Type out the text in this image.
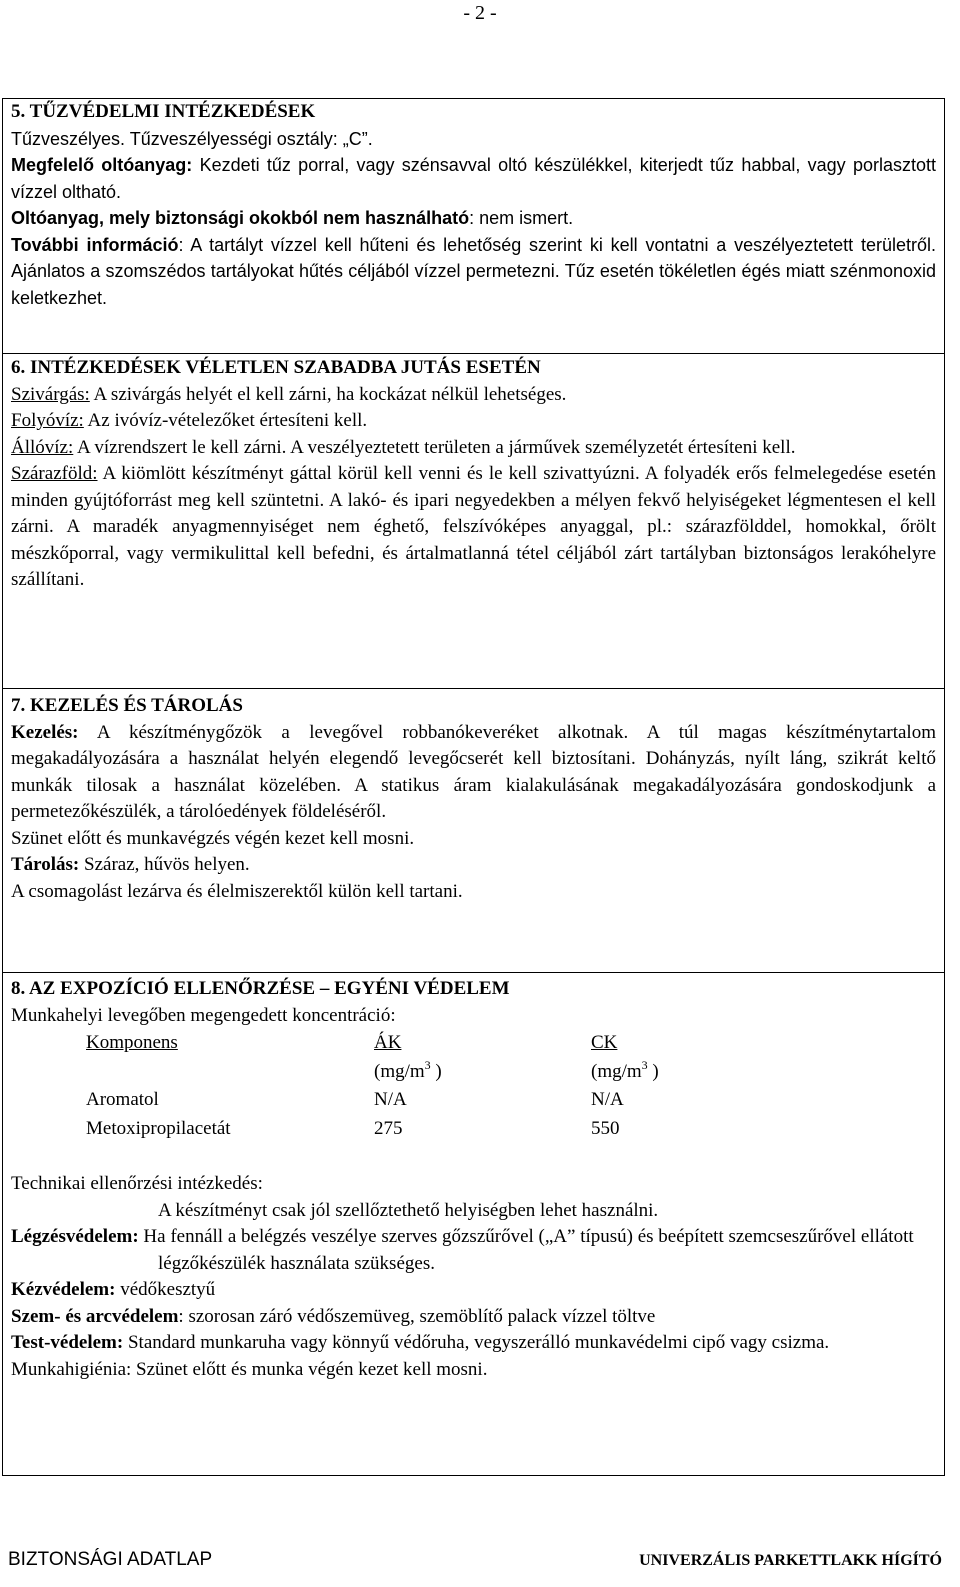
- 2 -
5. TŰZVÉDELMI INTÉZKEDÉSEK
Tűzveszélyes. Tűzveszélyességi osztály: „C”.
Megfelelő oltóanyag: Kezdeti tűz porral, vagy szénsavval oltó készülékkel, kiterjedt tűz habbal, vagy porlasztott vízzel oltható.
Oltóanyag, mely biztonsági okokból nem használható: nem ismert.
További információ: A tartályt vízzel kell hűteni és lehetőség szerint ki kell vontatni a veszélyeztetett területről. Ajánlatos a szomszédos tartályokat hűtés céljából vízzel permetezni. Tűz esetén tökéletlen égés miatt szénmonoxid keletkezhet.
6. INTÉZKEDÉSEK VÉLETLEN SZABADBA JUTÁS ESETÉN
Szivárgás: A szivárgás helyét el kell zárni, ha kockázat nélkül lehetséges.
Folyóvíz: Az ivóvíz-vételezőket értesíteni kell.
Állóvíz: A vízrendszert le kell zárni. A veszélyeztetett területen a járművek személyzetét értesíteni kell.
Szárazföld: A kiömlött készítményt gáttal körül kell venni és le kell szivattyúzni. A folyadék erős felmelegedése esetén minden gyújtóforrást meg kell szüntetni. A lakó- és ipari negyedekben a mélyen fekvő helyiségeket légmentesen el kell zárni. A maradék anyagmennyiséget nem éghető, felszívóképes anyaggal, pl.: szárazfölddel, homokkal, őrölt mészkőporral, vagy vermikulittal kell befedni, és ártalmatlanná tétel céljából zárt tartályban biztonságos lerakóhelyre szállítani.
7. KEZELÉS ÉS TÁROLÁS
Kezelés: A készítménygőzök a levegővel robbanókeveréket alkotnak. A túl magas készítménytartalom megakadályozására a használat helyén elegendő levegőcserét kell biztosítani. Dohányzás, nyílt láng, szikrát keltő munkák tilosak a használat közelében. A statikus áram kialakulásának megakadályozására gondoskodjunk a permetezőkészülék, a tárolóedények földeléséről.
Szünet előtt és munkavégzés végén kezet kell mosni.
Tárolás: Száraz, hűvös helyen.
A csomagolást lezárva és élelmiszerektől külön kell tartani.
8. AZ EXPOZÍCIÓ ELLENŐRZÉSE – EGYÉNI VÉDELEM
Munkahelyi levegőben megengedett koncentráció:
Komponens	ÁK	CK
	($mg/m^3$ )	($mg/m^3$ )
Aromatol	N/A	N/A
Metoxipropilacetát	275	550
Technikai ellenőrzési intézkedés:
A készítményt csak jól szellőztethető helyiségben lehet használni.
Légzésvédelem: Ha fennáll a belégzés veszélye szerves gőzszűrővel („A” típusú) és beépített szemcseszűrővel ellátott légzőkészülék használata szükséges.
Kézvédelem: védőkesztyű
Szem- és arcvédelem: szorosan záró védőszemüveg, szemöblítő palack vízzel töltve
Test-védelem: Standard munkaruha vagy könnyű védőruha, vegyszerálló munkavédelmi cipő vagy csizma.
Munkahigiénia: Szünet előtt és munka végén kezet kell mosni.
BIZTONSÁGI ADATLAP	UNIVERZÁLIS PARKETTLAKK HÍGÍTÓ
